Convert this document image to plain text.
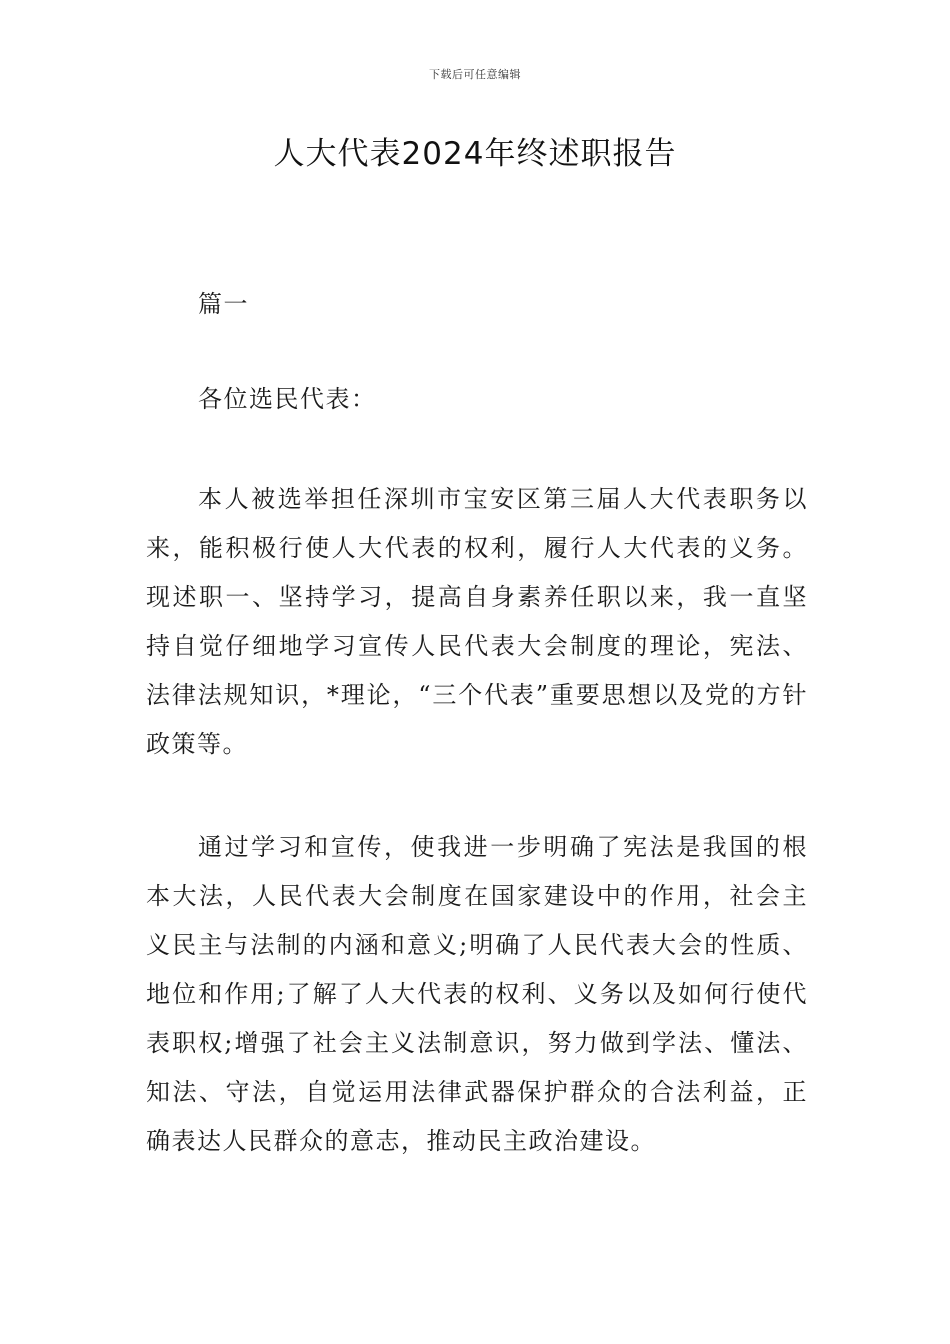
下载后可任意编辑
人大代表2024年终述职报告

篇一

各位选民代表：

本人被选举担任深圳市宝安区第三届人大代表职务以来，能积极行使人大代表的权利，履行人大代表的义务。现述职一、坚持学习，提高自身素养任职以来，我一直坚持自觉仔细地学习宣传人民代表大会制度的理论，宪法、法律法规知识，*理论，“三个代表”重要思想以及党的方针政策等。

通过学习和宣传，使我进一步明确了宪法是我国的根本大法，人民代表大会制度在国家建设中的作用，社会主义民主与法制的内涵和意义;明确了人民代表大会的性质、地位和作用;了解了人大代表的权利、义务以及如何行使代表职权;增强了社会主义法制意识，努力做到学法、懂法、知法、守法，自觉运用法律武器保护群众的合法利益，正确表达人民群众的意志，推动民主政治建设。
